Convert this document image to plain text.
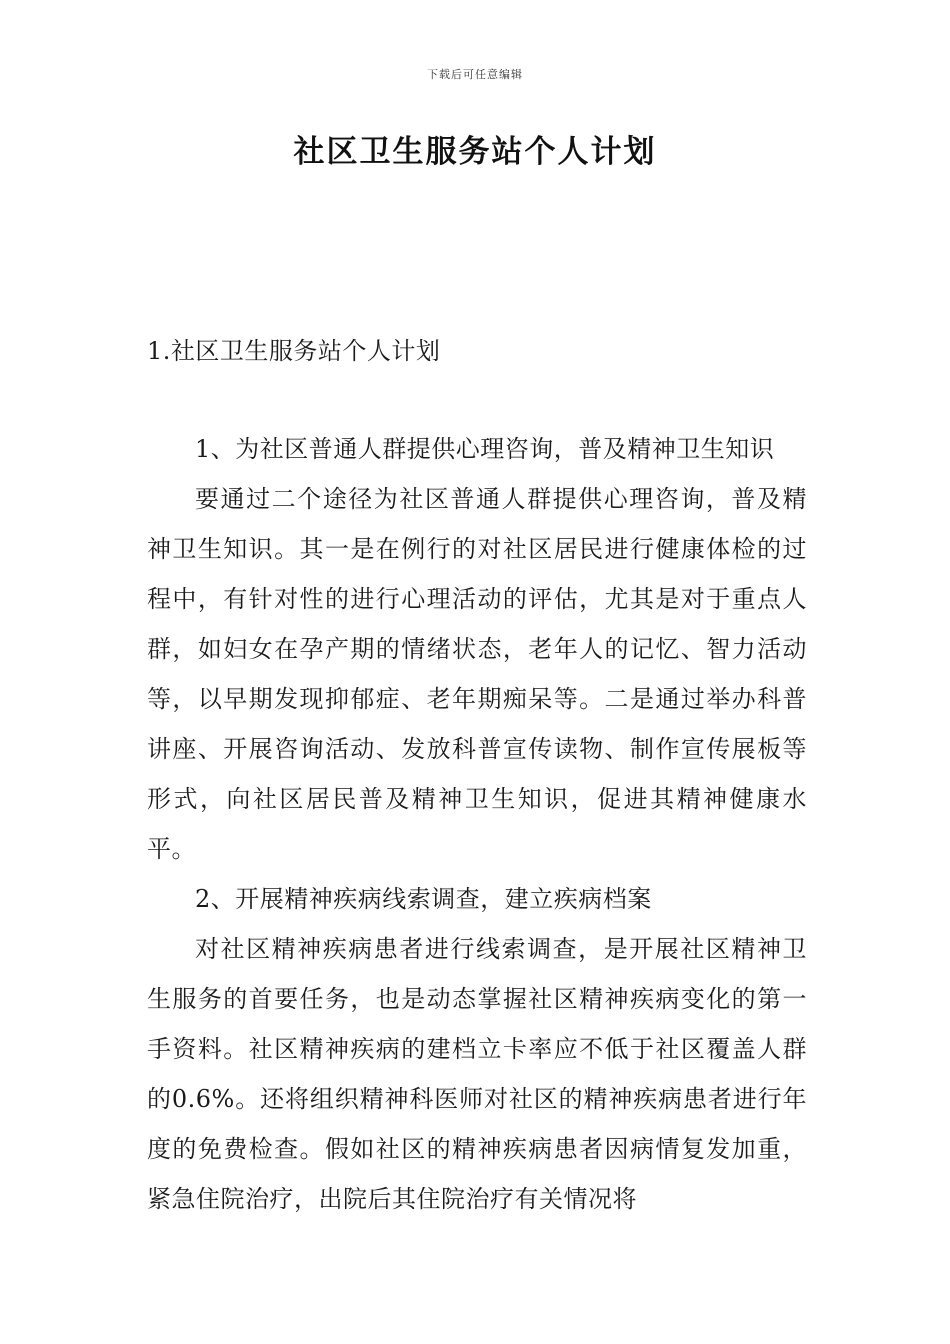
下载后可任意编辑
社区卫生服务站个人计划
1.社区卫生服务站个人计划

1、为社区普通人群提供心理咨询，普及精神卫生知识

要通过二个途径为社区普通人群提供心理咨询，普及精神卫生知识。其一是在例行的对社区居民进行健康体检的过程中，有针对性的进行心理活动的评估，尤其是对于重点人群，如妇女在孕产期的情绪状态，老年人的记忆、智力活动等，以早期发现抑郁症、老年期痴呆等。二是通过举办科普讲座、开展咨询活动、发放科普宣传读物、制作宣传展板等形式，向社区居民普及精神卫生知识，促进其精神健康水平。

2、开展精神疾病线索调查，建立疾病档案

对社区精神疾病患者进行线索调查，是开展社区精神卫生服务的首要任务，也是动态掌握社区精神疾病变化的第一手资料。社区精神疾病的建档立卡率应不低于社区覆盖人群的0.6%。还将组织精神科医师对社区的精神疾病患者进行年度的免费检查。假如社区的精神疾病患者因病情复发加重，紧急住院治疗，出院后其住院治疗有关情况将
